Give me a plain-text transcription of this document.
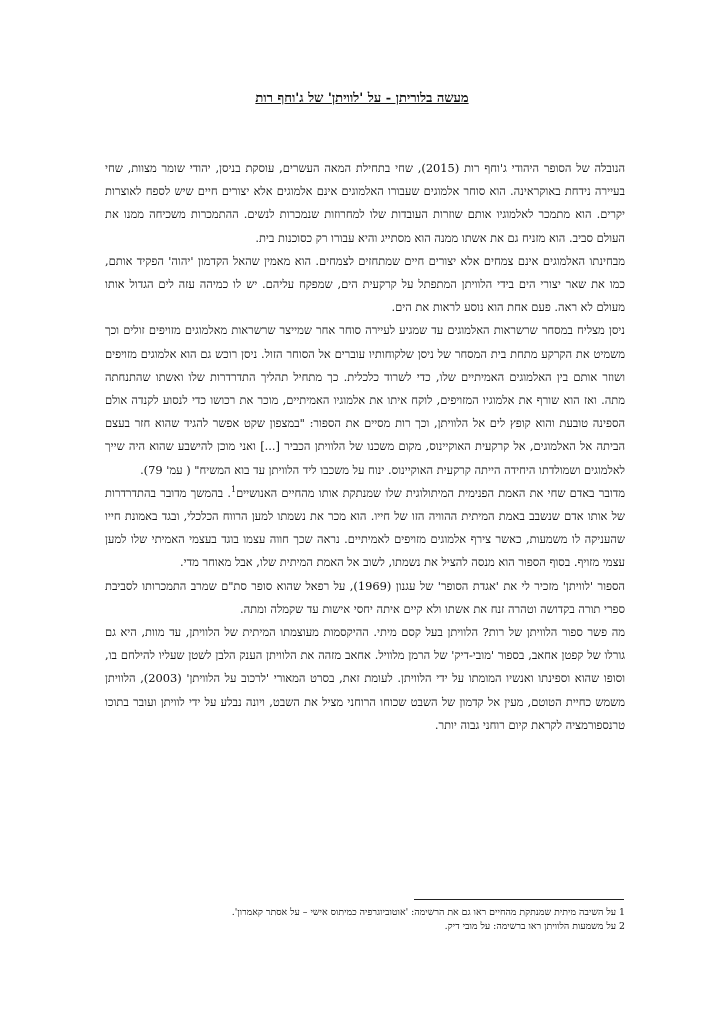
מעשה בלוריתן - על 'לוויתן' של ג'וחף רות

הנובלה של הסופר היהודי ג'וחף רות (2015), שחי בתחילת המאה העשרים, עוסקת בניסן, יהודי שומר מצוות, שחי בעיירה נידחת באוקראינה. הוא סוחר אלמוגים שעבורו האלמוגים אינם אלמוגים אלא יצורים חיים שיש לספח לאוצרות יקרים. הוא מתמכר לאלמוגיו אותם שוזרות העובדות שלו למחרוזות שנמכרות לנשים. ההתמכרות משכיחה ממנו את העולם סביב. הוא מזניח גם את אשתו ממנה הוא מסתייג והיא עבורו רק כסוכנות בית.

מבחינתו האלמוגים אינם צמחים אלא יצורים חיים שמתחזים לצמחים. הוא מאמין שהאל הקדמון 'יהוה' הפקיד אותם, כמו את שאר יצורי הים בידי הלוויתן המתפתל על קרקעית הים, שמפקח עליהם. יש לו כמיהה עזה לים הגדול אותו מעולם לא ראה. פעם אחת הוא נוסע לראות את הים.

ניסן מצליח במסחר שרשראות האלמוגים עד שמגיע לעיירה סוחר אחר שמייצר שרשראות מאלמוגים מזויפים זולים וכך משמיט את הקרקע מתחת בית המסחר של ניסן שלקוחותיו עוברים אל הסוחר הזול. ניסן רוכש גם הוא אלמוגים מזויפים ושוזר אותם בין האלמוגים האמיתיים שלו, כדי לשרוד כלכלית. כך מתחיל תהליך התדרדרות שלו ואשתו שהתנחתה מתה. ואז הוא שורף את אלמוגיו המזויפים, לוקח איתו את אלמוגיו האמיתיים, מוכר את רכושו כדי לנסוע לקנדה אולם הספינה טובעת והוא קופץ לים אל הלוויתן, וכך רות מסיים את הספור: "במצפון שקט אפשר להגיד שהוא חזר בעצם הביתה אל האלמוגים, אל קרקעית האוקיינוס, מקום משכנו של הלוויתן הכביר [...] ואני מוכן להישבע שהוא היה שייך לאלמוגים ושמולדתו היחידה הייתה קרקעית האוקיינוס. ינוח על משכבו ליד הלוויתן עד בוא המשיח" ( עמ' 79).

מדובר באדם שחי את האמת הפנימית המיתולוגית שלו שמנתקת אותו מהחיים האנושיים$^1$. בהמשך מדובר בהתדרדרות של אותו אדם שנשבב באמת המיתית ההוויה הזו של חייו. הוא מכר את נשמתו למען הרווח הכלכלי, ובגד באמונת חייו שהעניקה לו משמעות, כאשר צירף אלמוגים מזויפים לאמיתיים. נראה שכך חווה עצמו בוגד בעצמי האמיתי שלו למען עצמי מזויף. בסוף הספור הוא מנסה להציל את נשמתו, לשוב אל האמת המיתית שלו, אבל מאוחר מדי.

הספור 'לוויתן' מזכיר לי את 'אגדת הסופר' של עגנון (1969), על רפאל שהוא סופר סת"ם שמרב התמכרותו לסביבת ספרי תורה בקדושה וטהרה זנח את אשתו ולא קיים איתה יחסי אישות עד שקמלה ומתה.

מה פשר ספור הלוויתן של רות? הלוויתן בעל קסם מיתי. ההיקסמות מעוצמתו המיתית של הלוויתן, עד מוות, היא גם גורלו של קפטן אחאב, בספור 'מובי-דיק' של הרמן מלוויל. אחאב מזהה את הלוויתן הענק הלבן לשטן שעליו להילחם בו, וסופו שהוא וספינתו ואנשיו המומתו על ידי הלוויתן. לעומת זאת, בסרט המאורי 'לרכוב על הלוויתן' (2003), הלוויתן משמש כחיית הטוטם, מעין אל קדמון של השבט שכוחו הרוחני מציל את השבט, ויונה נבלע על ידי לוויתן ועובר בתוכו טרנספורמציה לקראת קיום רוחני גבוה יותר.

1 על השיבה מיתית שמנתקת מהחיים ראו גם את הרשימה: 'אוטוביוגרפיה כמיתוס אישי – על אסתר קאמרון'.
2 על משמעות הלוויתן ראו ברשימה: על מובי דיק.
